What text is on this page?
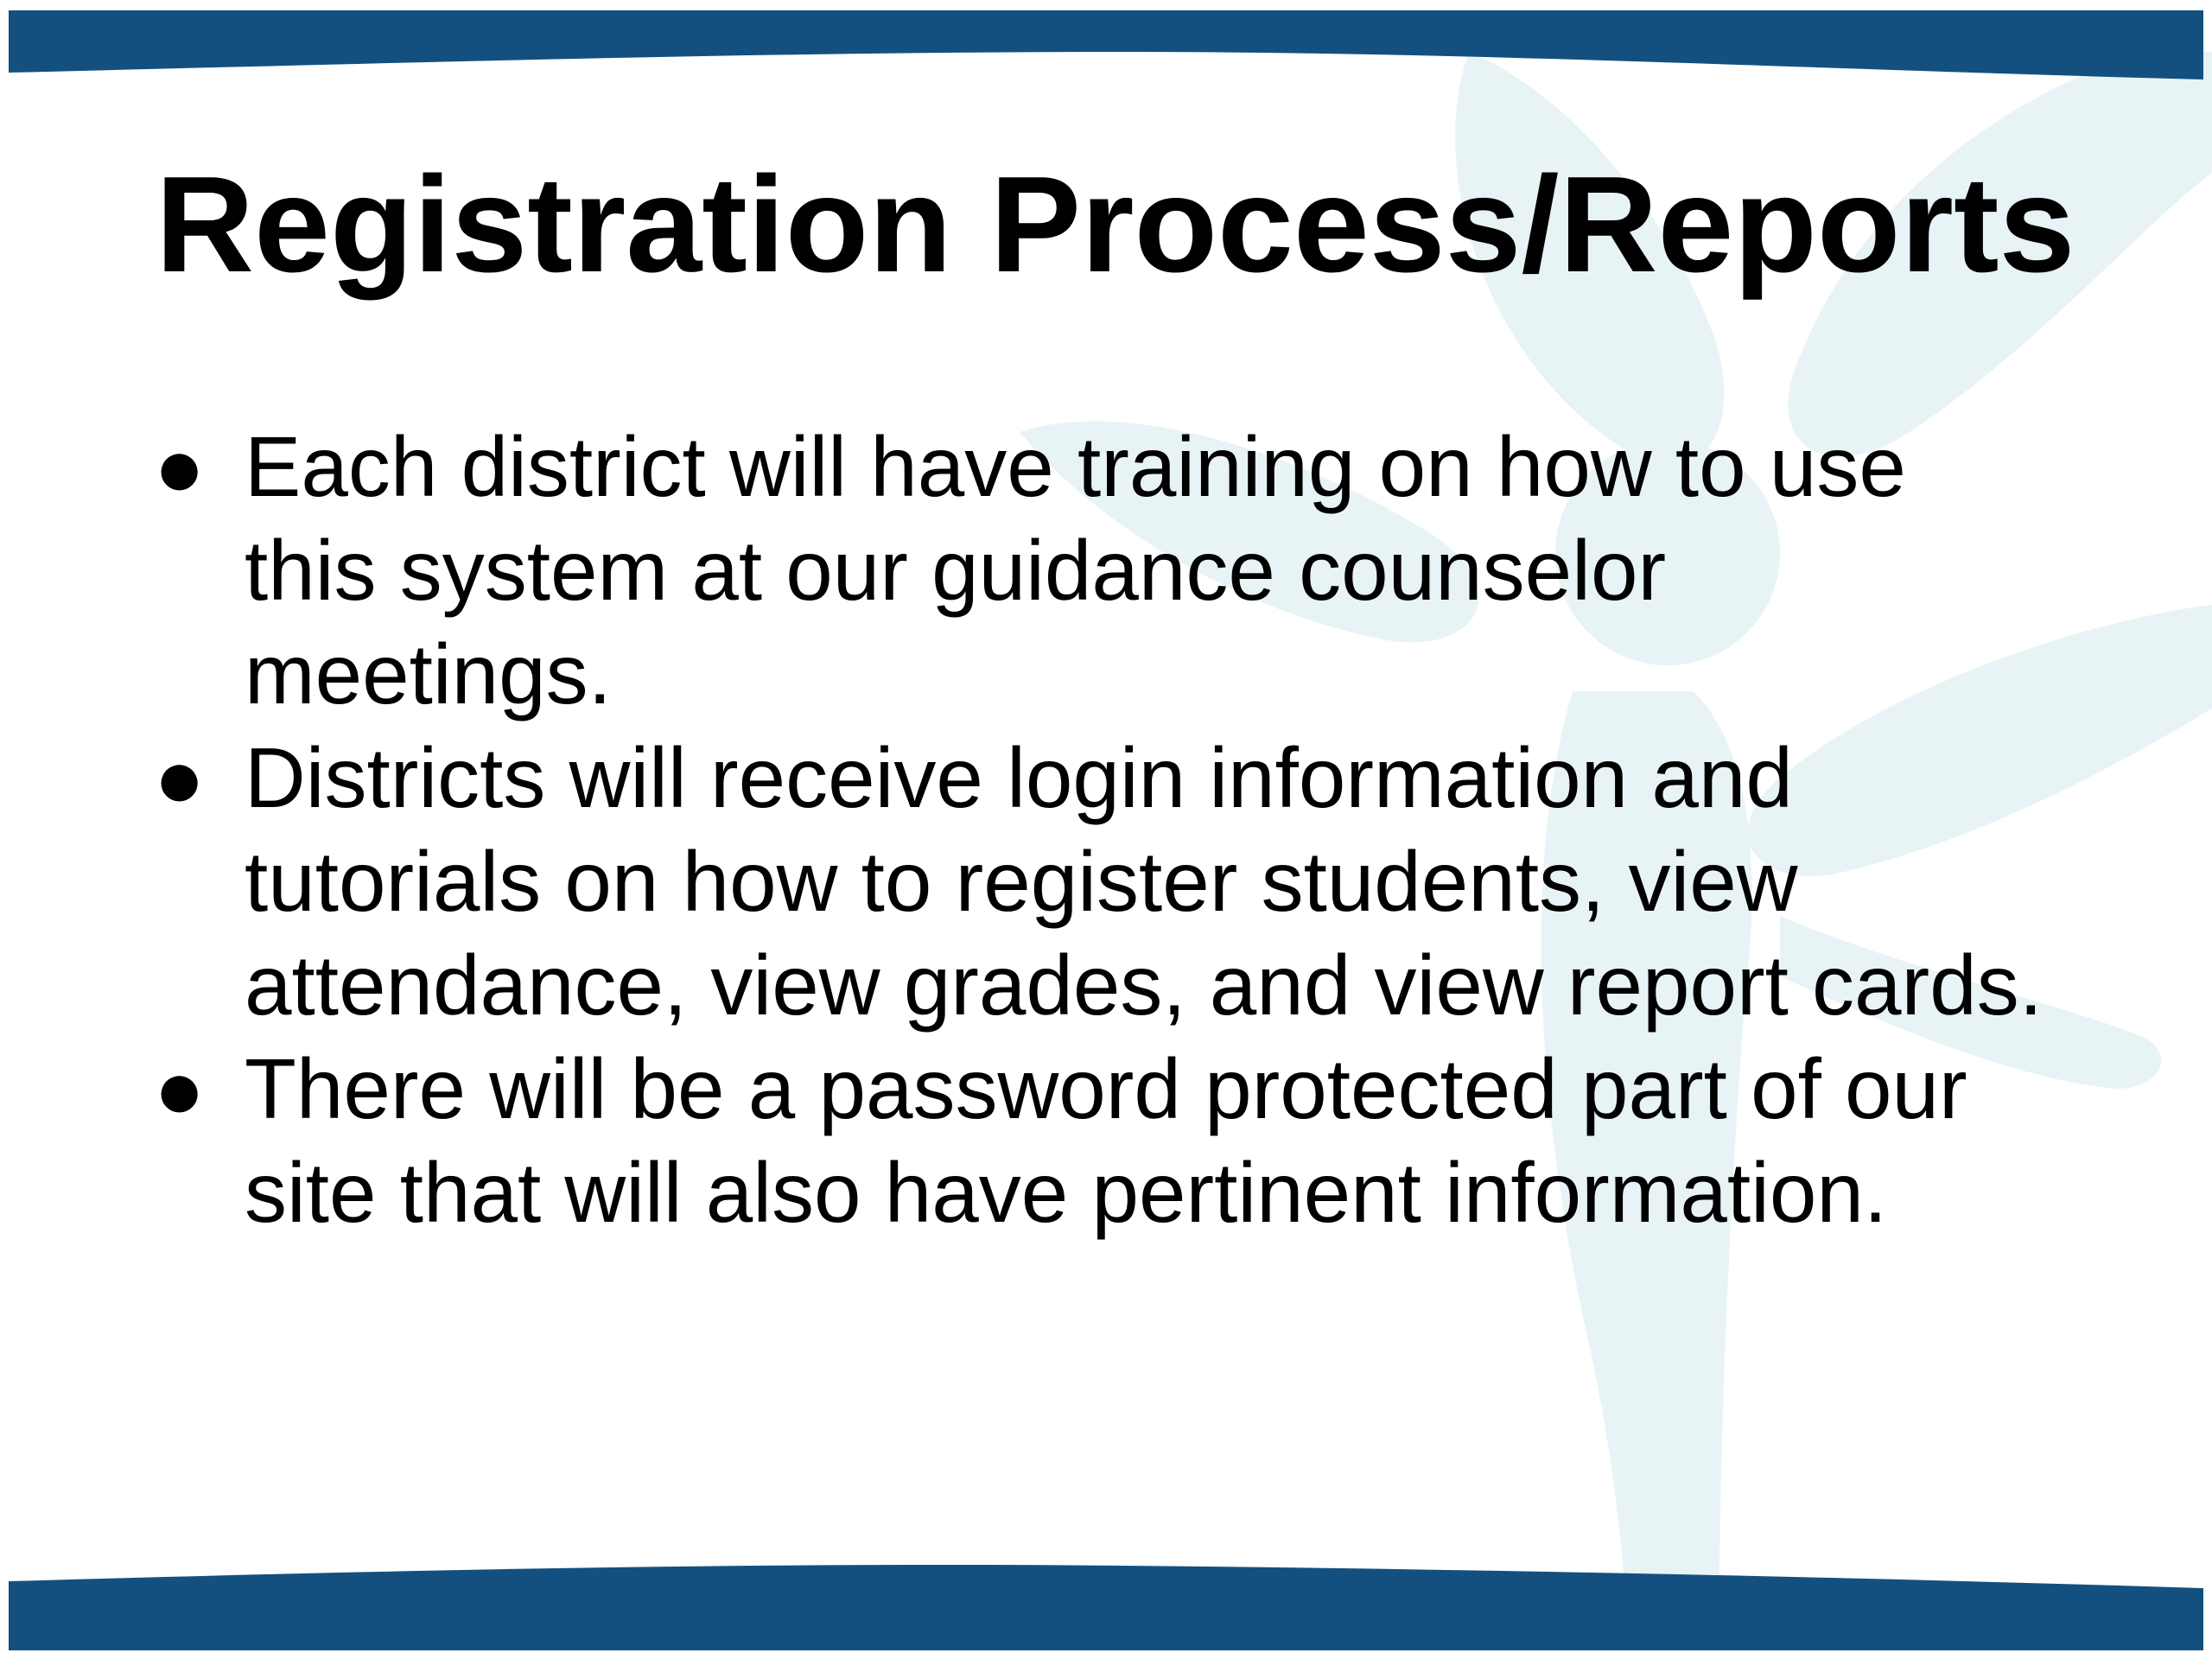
Registration Process/Reports
● Each district will have training on how to use
this system at our guidance counselor
meetings.
● Districts will receive login information and
tutorials on how to register students, view
attendance, view grades, and view report cards.
● There will be a password protected part of our
site that will also have pertinent information.
